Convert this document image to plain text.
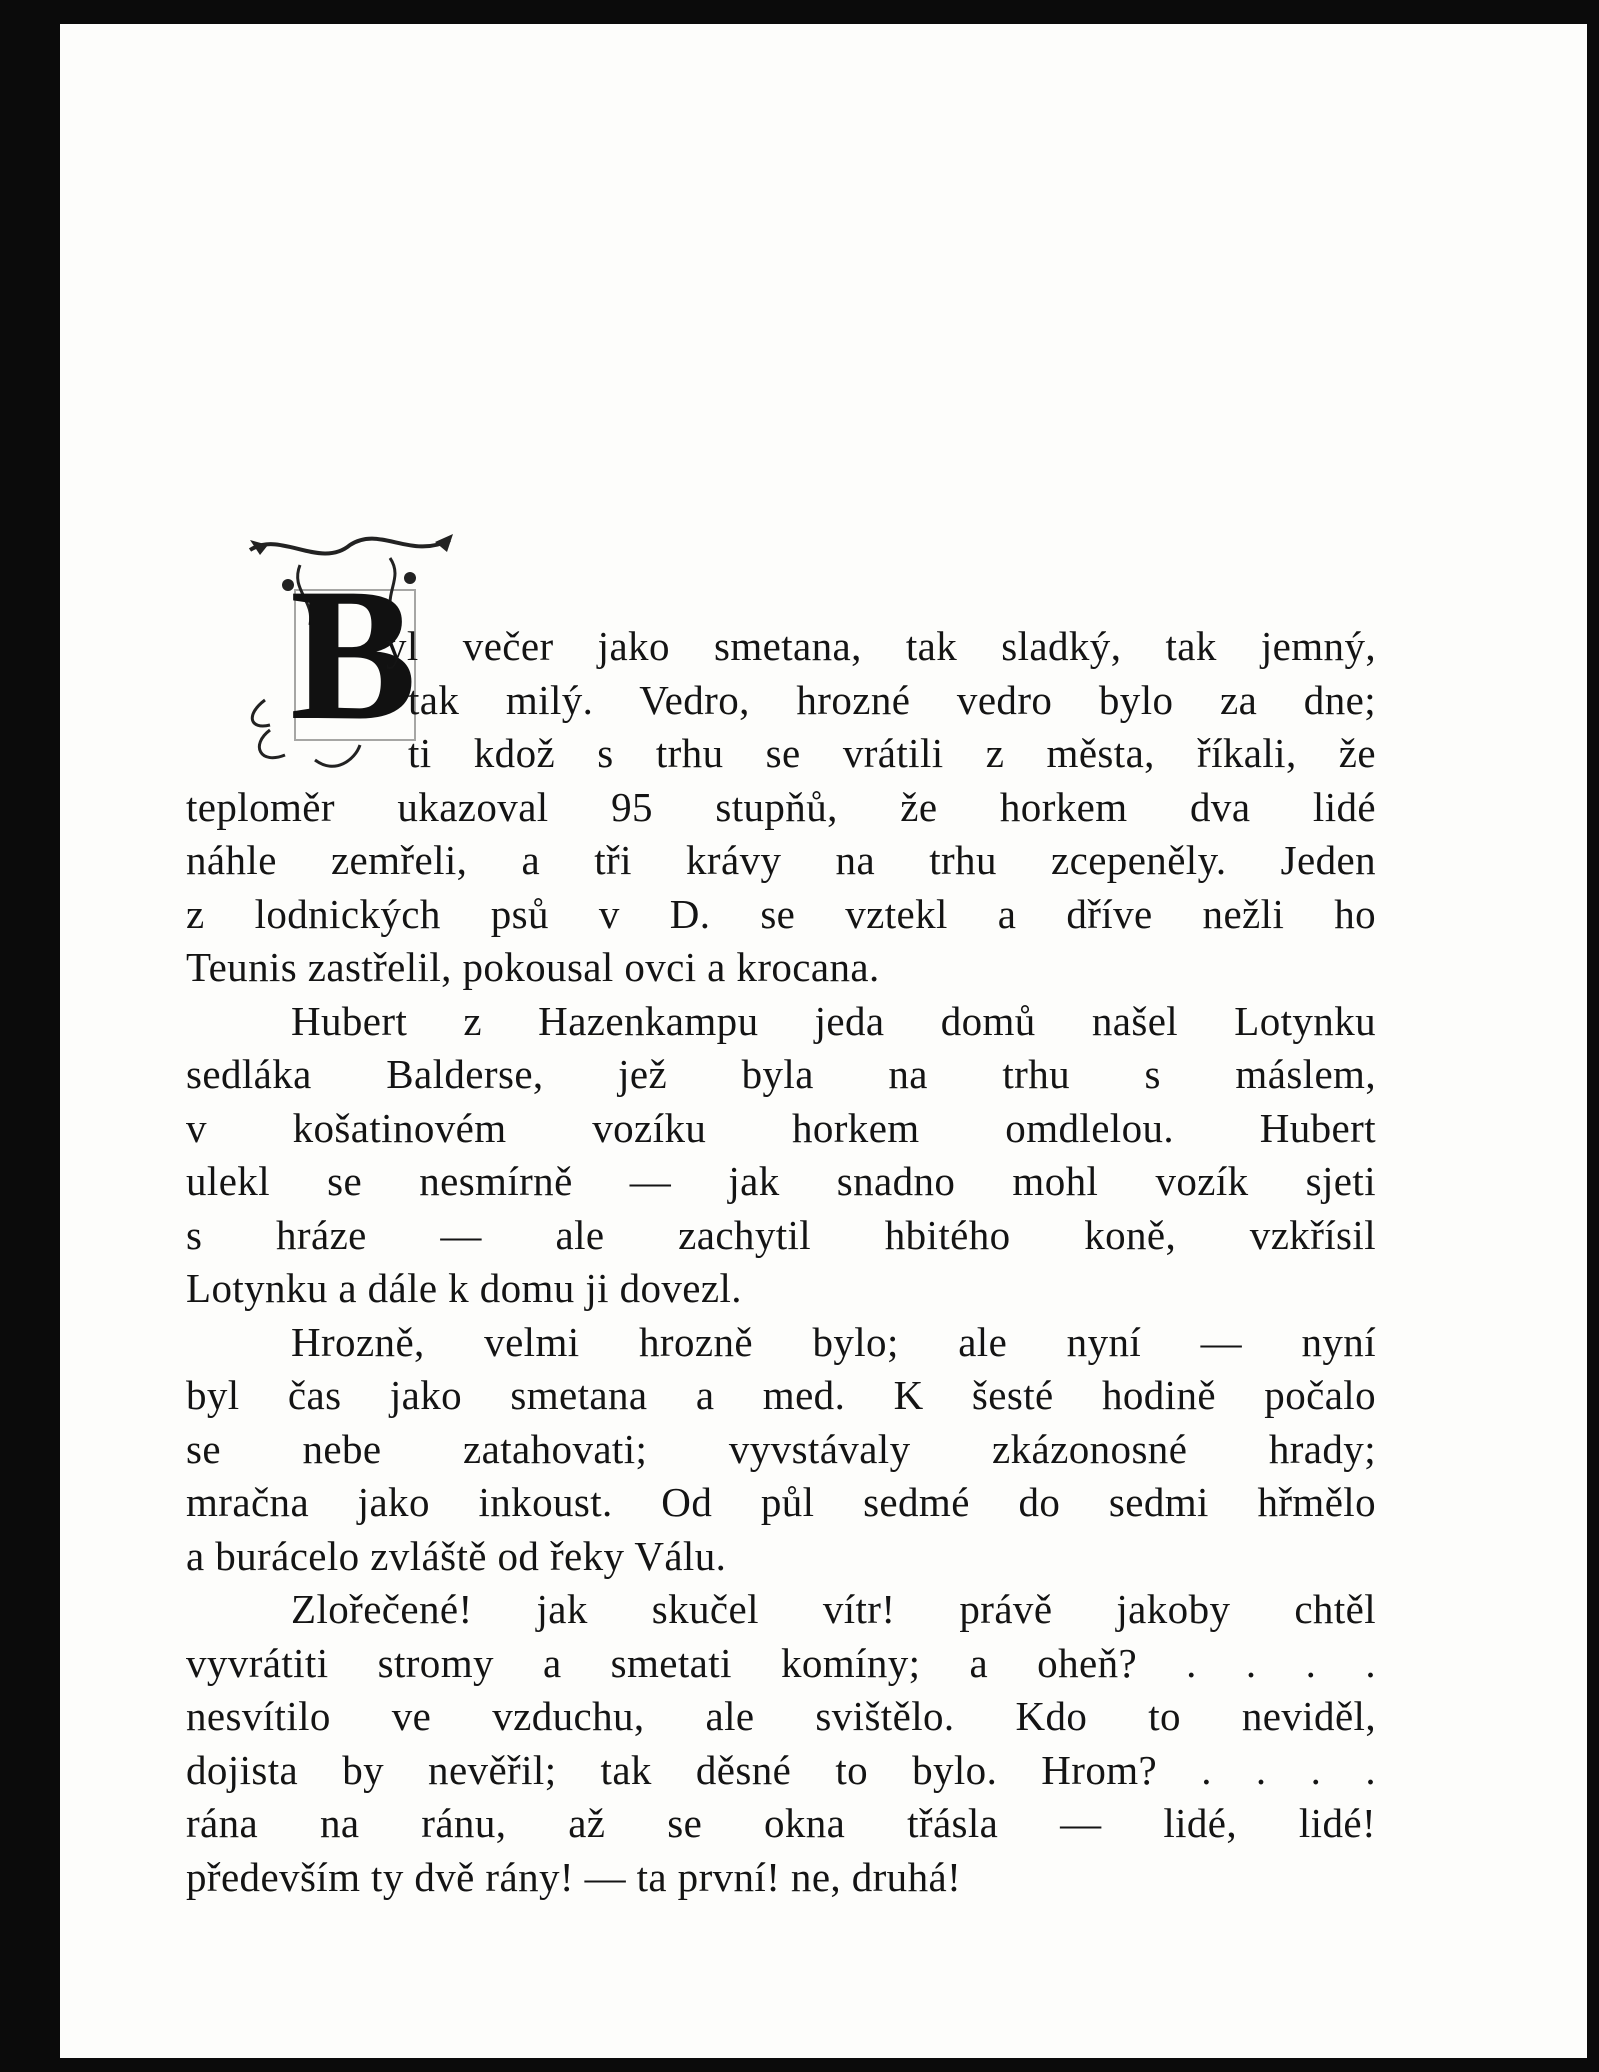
B

yl večer jako smetana, tak sladký, tak jemný,
tak milý. Vedro, hrozné vedro bylo za dne;
ti kdož s trhu se vrátili z města, říkali, že
teploměr ukazoval 95 stupňů, že horkem dva lidé
náhle zemřeli, a tři krávy na trhu zcepeněly. Jeden
z lodnických psů v D. se vztekl a dříve nežli ho
Teunis zastřelil, pokousal ovci a krocana.

Hubert z Hazenkampu jeda domů našel Lotynku
sedláka Balderse, jež byla na trhu s máslem,
v košatinovém vozíku horkem omdlelou. Hubert
ulekl se nesmírně — jak snadno mohl vozík sjeti
s hráze — ale zachytil hbitého koně, vzkřísil
Lotynku a dále k domu ji dovezl.

Hrozně, velmi hrozně bylo; ale nyní — nyní
byl čas jako smetana a med. K šesté hodině počalo
se nebe zatahovati; vyvstávaly zkázonosné hrady;
mračna jako inkoust. Od půl sedmé do sedmi hřmělo
a burácelo zvláště od řeky Válu.

Zlořečené! jak skučel vítr! právě jakoby chtěl
vyvrátiti stromy a smetati komíny; a oheň? . . . .
nesvítilo ve vzduchu, ale svištělo. Kdo to neviděl,
dojista by nevěřil; tak děsné to bylo. Hrom? . . . .
rána na ránu, až se okna třásla — lidé, lidé!
především ty dvě rány! — ta první! ne, druhá!
